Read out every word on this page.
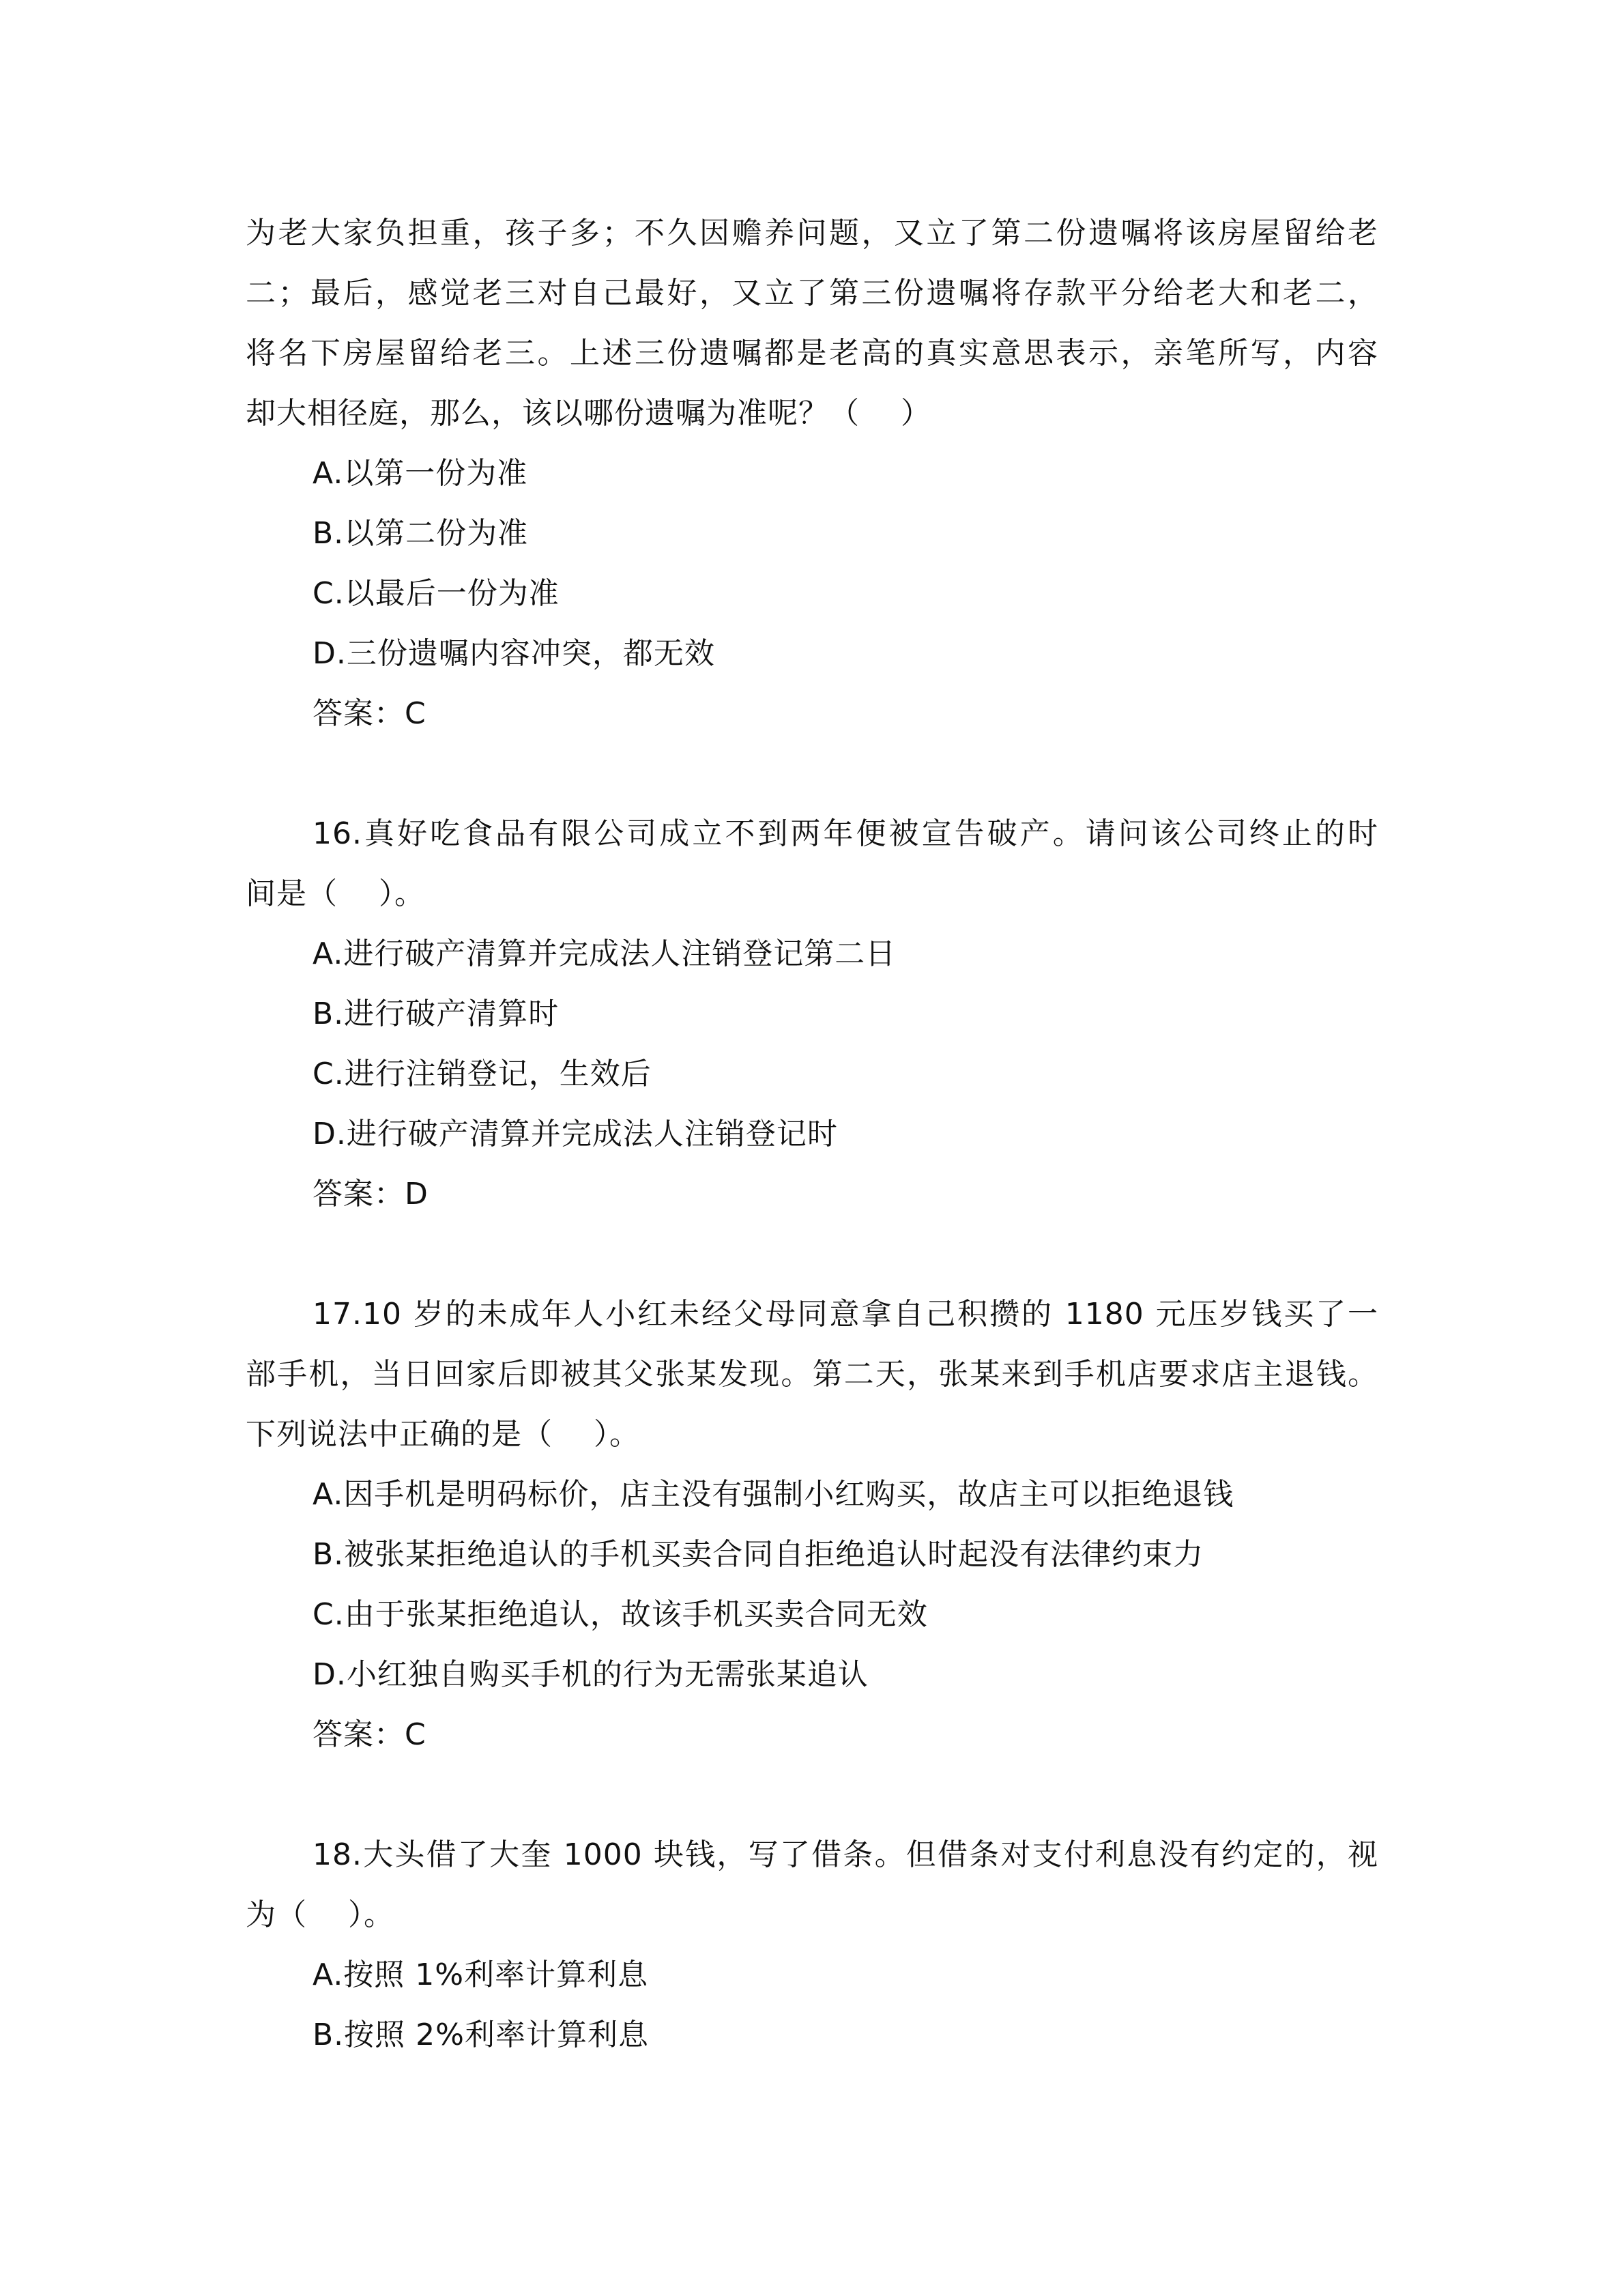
为老大家负担重，孩子多；不久因赡养问题，又立了第二份遗嘱将该房屋留给老
二；最后，感觉老三对自己最好，又立了第三份遗嘱将存款平分给老大和老二，
将名下房屋留给老三。上述三份遗嘱都是老高的真实意思表示，亲笔所写，内容
却大相径庭，那么，该以哪份遗嘱为准呢？（　 ）
A.以第一份为准
B.以第二份为准
C.以最后一份为准
D.三份遗嘱内容冲突，都无效
答案：C
16.真好吃食品有限公司成立不到两年便被宣告破产。请问该公司终止的时
间是（　 ）。
A.进行破产清算并完成法人注销登记第二日
B.进行破产清算时
C.进行注销登记，生效后
D.进行破产清算并完成法人注销登记时
答案：D
17.10 岁的未成年人小红未经父母同意拿自己积攒的 1180 元压岁钱买了一
部手机，当日回家后即被其父张某发现。第二天，张某来到手机店要求店主退钱。
下列说法中正确的是（　 ）。
A.因手机是明码标价，店主没有强制小红购买，故店主可以拒绝退钱
B.被张某拒绝追认的手机买卖合同自拒绝追认时起没有法律约束力
C.由于张某拒绝追认，故该手机买卖合同无效
D.小红独自购买手机的行为无需张某追认
答案：C
18.大头借了大奎 1000 块钱，写了借条。但借条对支付利息没有约定的，视
为（　 ）。
A.按照 1%利率计算利息
B.按照 2%利率计算利息
